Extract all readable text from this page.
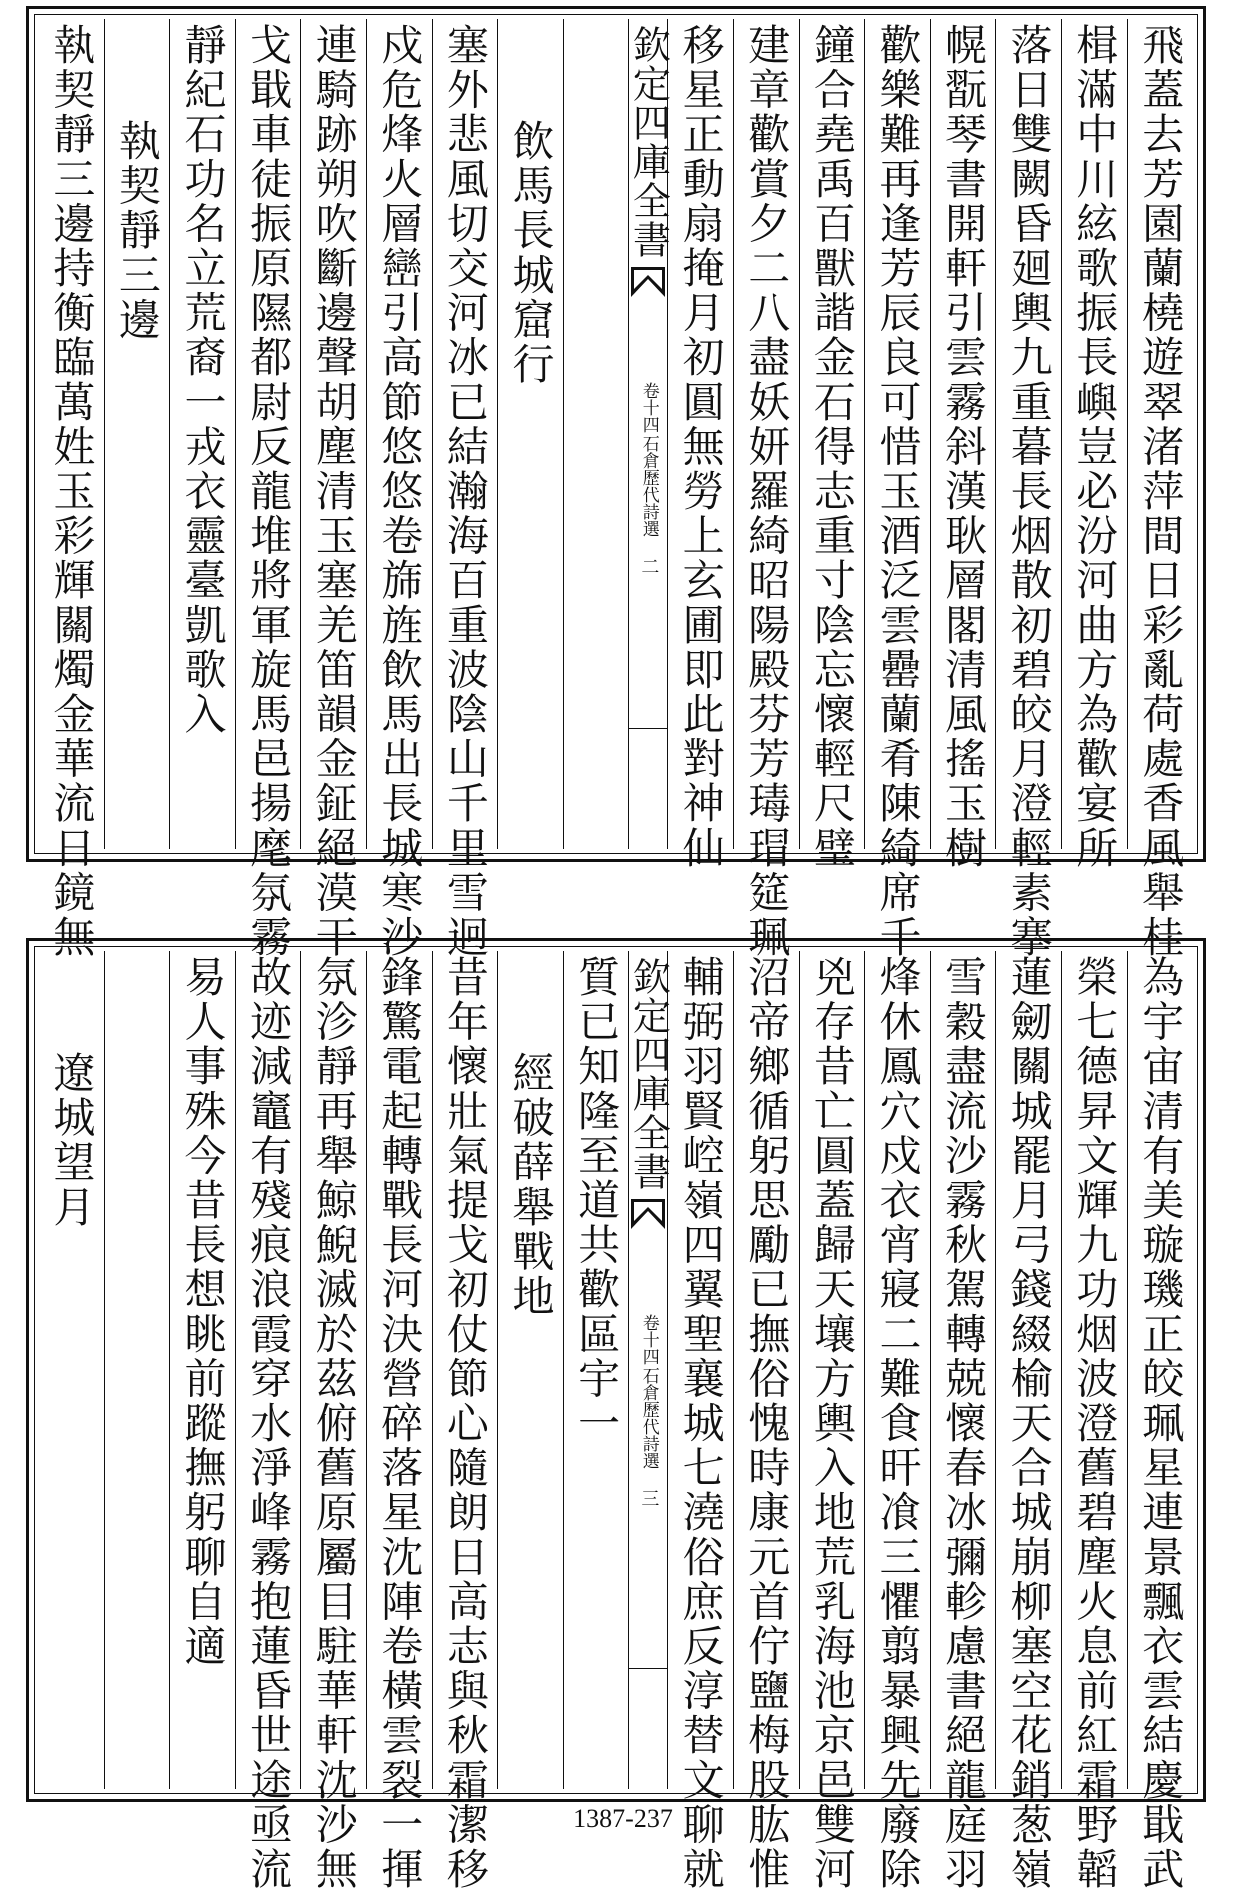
飛蓋去芳園蘭橈遊翠渚萍間日彩亂荷處香風舉桂
楫滿中川絃歌振長嶼豈必汾河曲方為歡宴所
落日雙闕昏廻輿九重暮長烟散初碧皎月澄輕素搴
幌翫琴書開軒引雲霧斜漢耿層閣清風搖玉樹
歡樂難再逢芳辰良可惜玉酒泛雲罍蘭肴陳綺席千
鐘合堯禹百獸諧金石得志重寸陰忘懷輕尺璧
建章歡賞夕二八盡妖妍羅綺昭陽殿芬芳瑇瑁筵珮
移星正動扇掩月初圓無勞上玄圃即此對神仙
欽定四庫全書
石倉歷代詩選
卷十四
二
飲馬長城窟行
塞外悲風切交河冰已結瀚海百重波陰山千里雪迥
戍危烽火層巒引高節悠悠卷旆旌飲馬出長城寒沙
連騎跡朔吹斷邊聲胡塵清玉塞羌笛韻金鉦絕漠干
戈戢車徒振原隰都尉反龍堆將軍旋馬邑揚麾氛霧
靜紀石功名立荒裔一戎衣靈臺凱歌入
執契靜三邊
執契靜三邊持衡臨萬姓玉彩輝關燭金華流日鏡無
為宇宙清有美璇璣正皎珮星連景飄衣雲結慶戢武
榮七德昇文輝九功烟波澄舊碧塵火息前紅霜野韜
蓮劒關城罷月弓錢綴榆天合城崩柳塞空花銷葱嶺
雪穀盡流沙霧秋駕轉兢懷春冰彌軫慮書絕龍庭羽
烽休鳳穴戍衣宵寢二難食旰飡三懼翦暴興先廢除
兇存昔亡圓蓋歸天壤方輿入地荒乳海池京邑雙河
沼帝鄉循躬思勵已撫俗愧時康元首佇鹽梅股肱惟
輔弼羽賢崆嶺四翼聖襄城七澆俗庶反淳替文聊就
欽定四庫全書
石倉歷代詩選
卷十四
三
質已知隆至道共歡區宇一
經破薛舉戰地
昔年懷壯氣提戈初仗節心隨朗日高志與秋霜潔移
鋒驚電起轉戰長河決營碎落星沈陣卷橫雲裂一揮
氛沴靜再舉鯨鯢滅於茲俯舊原屬目駐華軒沈沙無
故迹減竈有殘痕浪霞穿水淨峰霧抱蓮昏世途亟流
易人事殊今昔長想眺前蹤撫躬聊自適
遼城望月
1387-237
